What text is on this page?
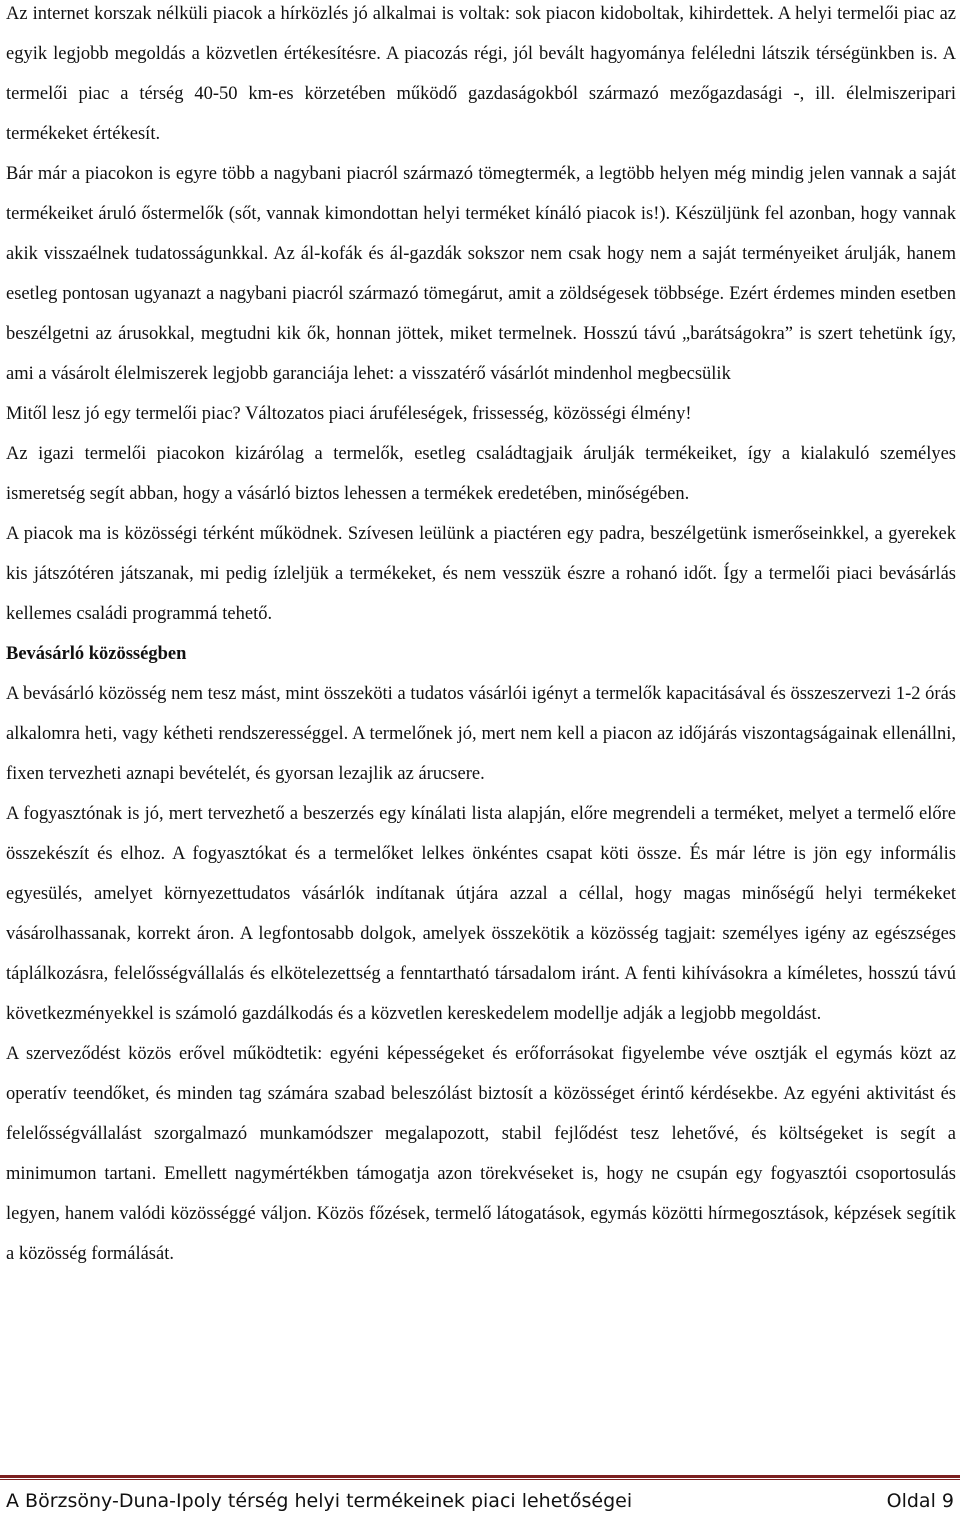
Az internet korszak nélküli piacok a hírközlés jó alkalmai is voltak: sok piacon kidoboltak, kihirdettek. A helyi termelői piac az egyik legjobb megoldás a közvetlen értékesítésre. A piacozás régi, jól bevált hagyománya feléledni látszik térségünkben is. A termelői piac a térség 40-50 km-es körzetében működő gazdaságokból származó mezőgazdasági -, ill. élelmiszeripari termékeket értékesít.

Bár már a piacokon is egyre több a nagybani piacról származó tömegtermék, a legtöbb helyen még mindig jelen vannak a saját termékeiket áruló őstermelők (sőt, vannak kimondottan helyi terméket kínáló piacok is!). Készüljünk fel azonban, hogy vannak akik visszaélnek tudatosságunkkal. Az ál-kofák és ál-gazdák sokszor nem csak hogy nem a saját terményeiket árulják, hanem esetleg pontosan ugyanazt a nagybani piacról származó tömegárut, amit a zöldségesek többsége. Ezért érdemes minden esetben beszélgetni az árusokkal, megtudni kik ők, honnan jöttek, miket termelnek. Hosszú távú „barátságokra” is szert tehetünk így, ami a vásárolt élelmiszerek legjobb garanciája lehet: a visszatérő vásárlót mindenhol megbecsülik

Mitől lesz jó egy termelői piac? Változatos piaci áruféleségek, frissesség, közösségi élmény!

Az igazi termelői piacokon kizárólag a termelők, esetleg családtagjaik árulják termékeiket, így a kialakuló személyes ismeretség segít abban, hogy a vásárló biztos lehessen a termékek eredetében, minőségében.

A piacok ma is közösségi térként működnek. Szívesen leülünk a piactéren egy padra, beszélgetünk ismerőseinkkel, a gyerekek kis játszótéren játszanak, mi pedig ízleljük a termékeket, és nem vesszük észre a rohanó időt. Így a termelői piaci bevásárlás kellemes családi programmá tehető.

Bevásárló közösségben

A bevásárló közösség nem tesz mást, mint összeköti a tudatos vásárlói igényt a termelők kapacitásával és összeszervezi 1-2 órás alkalomra heti, vagy kétheti rendszerességgel. A termelőnek jó, mert nem kell a piacon az időjárás viszontagságainak ellenállni, fixen tervezheti aznapi bevételét, és gyorsan lezajlik az árucsere.

A fogyasztónak is jó, mert tervezhető a beszerzés egy kínálati lista alapján, előre megrendeli a terméket, melyet a termelő előre összekészít és elhoz. A fogyasztókat és a termelőket lelkes önkéntes csapat köti össze. És már létre is jön egy informális egyesülés, amelyet környezettudatos vásárlók indítanak útjára azzal a céllal, hogy magas minőségű helyi termékeket vásárolhassanak, korrekt áron. A legfontosabb dolgok, amelyek összekötik a közösség tagjait: személyes igény az egészséges táplálkozásra, felelősségvállalás és elkötelezettség a fenntartható társadalom iránt. A fenti kihívásokra a kíméletes, hosszú távú következményekkel is számoló gazdálkodás és a közvetlen kereskedelem modellje adják a legjobb megoldást.

A szerveződést közös erővel működtetik: egyéni képességeket és erőforrásokat figyelembe véve osztják el egymás közt az operatív teendőket, és minden tag számára szabad beleszólást biztosít a közösséget érintő kérdésekbe. Az egyéni aktivitást és felelősségvállalást szorgalmazó munkamódszer megalapozott, stabil fejlődést tesz lehetővé, és költségeket is segít a minimumon tartani. Emellett nagymértékben támogatja azon törekvéseket is, hogy ne csupán egy fogyasztói csoportosulás legyen, hanem valódi közösséggé váljon. Közös főzések, termelő látogatások, egymás közötti hírmegosztások, képzések segítik a közösség formálását.

A Börzsöny-Duna-Ipoly térség helyi termékeinek piaci lehetőségei	Oldal 9
